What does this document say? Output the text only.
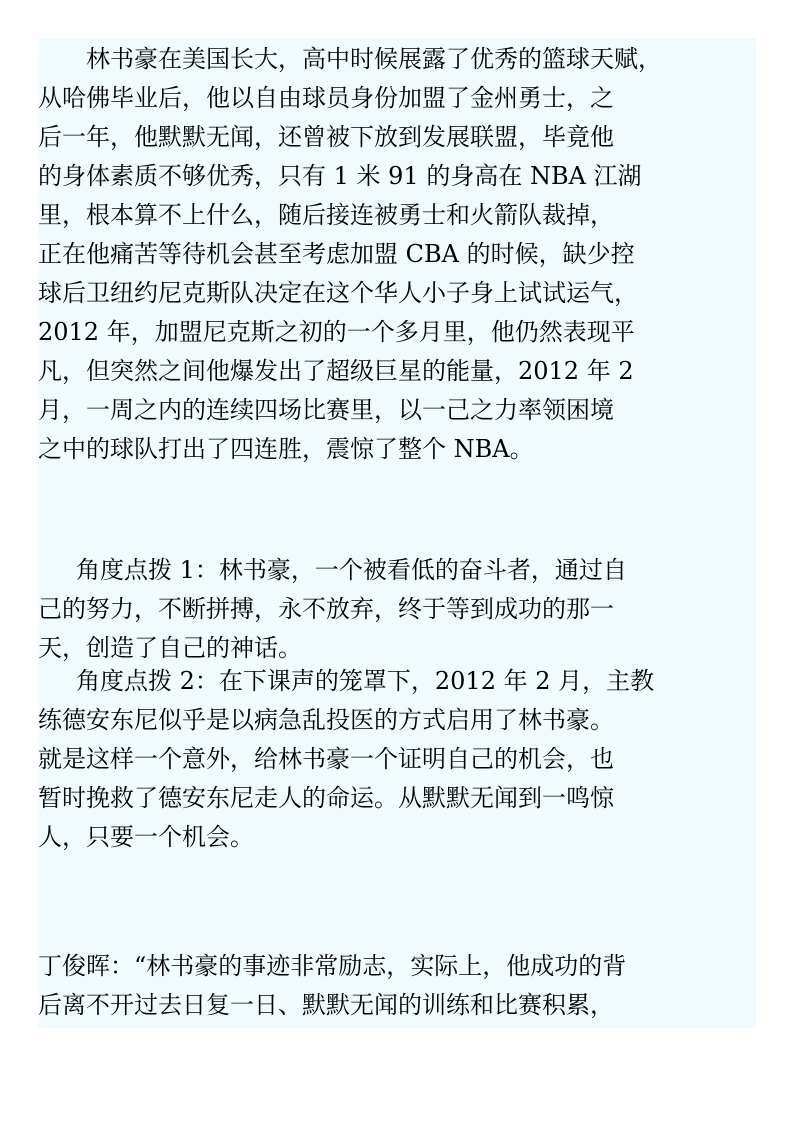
林书豪在美国长大，高中时候展露了优秀的篮球天赋，
从哈佛毕业后，他以自由球员身份加盟了金州勇士，之
后一年，他默默无闻，还曾被下放到发展联盟，毕竟他
的身体素质不够优秀，只有 1 米 91 的身高在 NBA 江湖
里，根本算不上什么，随后接连被勇士和火箭队裁掉，
正在他痛苦等待机会甚至考虑加盟 CBA 的时候，缺少控
球后卫纽约尼克斯队决定在这个华人小子身上试试运气，
2012 年，加盟尼克斯之初的一个多月里，他仍然表现平
凡，但突然之间他爆发出了超级巨星的能量，2012 年 2
月，一周之内的连续四场比赛里，以一己之力率领困境
之中的球队打出了四连胜，震惊了整个 NBA。

角度点拨 1：林书豪，一个被看低的奋斗者，通过自
己的努力，不断拼搏，永不放弃，终于等到成功的那一
天，创造了自己的神话。

角度点拨 2：在下课声的笼罩下，2012 年 2 月，主教
练德安东尼似乎是以病急乱投医的方式启用了林书豪。
就是这样一个意外，给林书豪一个证明自己的机会，也
暂时挽救了德安东尼走人的命运。从默默无闻到一鸣惊
人，只要一个机会。

丁俊晖：“林书豪的事迹非常励志，实际上，他成功的背
后离不开过去日复一日、默默无闻的训练和比赛积累，
